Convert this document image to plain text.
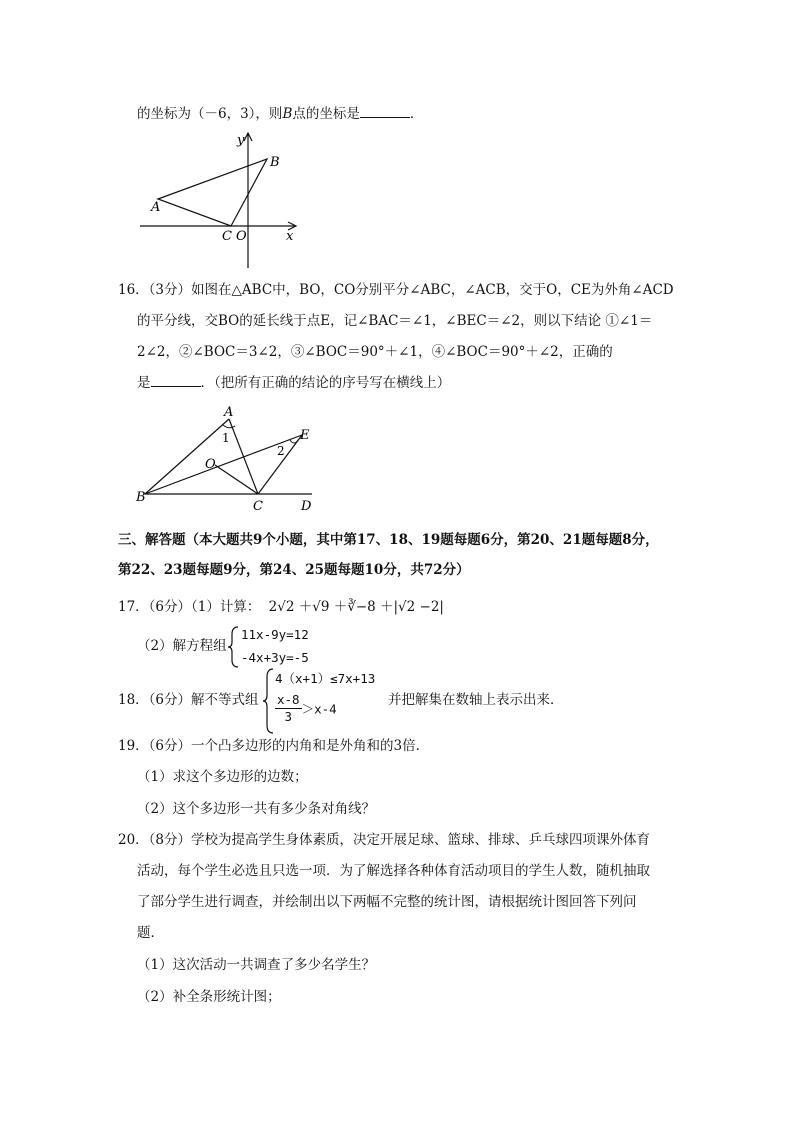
的坐标为（－6，3），则B点的坐标是	．
y
x
B
A
C O
16．（3分）如图在△ABC中，BO，CO分别平分∠ABC，∠ACB，交于O，CE为外角∠ACD
的平分线，交BO的延长线于点E，记∠BAC＝∠1，∠BEC＝∠2，则以下结论 ①∠1＝
2∠2，②∠BOC＝3∠2，③∠BOC＝90°＋∠1，④∠BOC＝90°＋∠2，正确的
是	．（把所有正确的结论的序号写在横线上）
A
B
C	D
E
O
1
2
三、解答题（本大题共9个小题，其中第17、18、19题每题6分，第20、21题每题8分，
第22、23题每题9分，第24、25题每题10分，共72分）
17．（6分）（1）计算： 2√2 ＋√9 ＋∛−8 ＋|√2 −2|
（2）解方程组
11x-9y=12
-4x+3y=-5
18．（6分）解不等式组
4（x+1）≤7x+13
$\frac{x-8}{3} >x-4$
并把解集在数轴上表示出来．
19．（6分）一个凸多边形的内角和是外角和的3倍．
（1）求这个多边形的边数；
（2）这个多边形一共有多少条对角线？
20．（8分）学校为提高学生身体素质，决定开展足球、篮球、排球、乒乓球四项课外体育
活动，每个学生必选且只选一项．为了解选择各种体育活动项目的学生人数，随机抽取
了部分学生进行调查，并绘制出以下两幅不完整的统计图，请根据统计图回答下列问
题．
（1）这次活动一共调查了多少名学生？
（2）补全条形统计图；
